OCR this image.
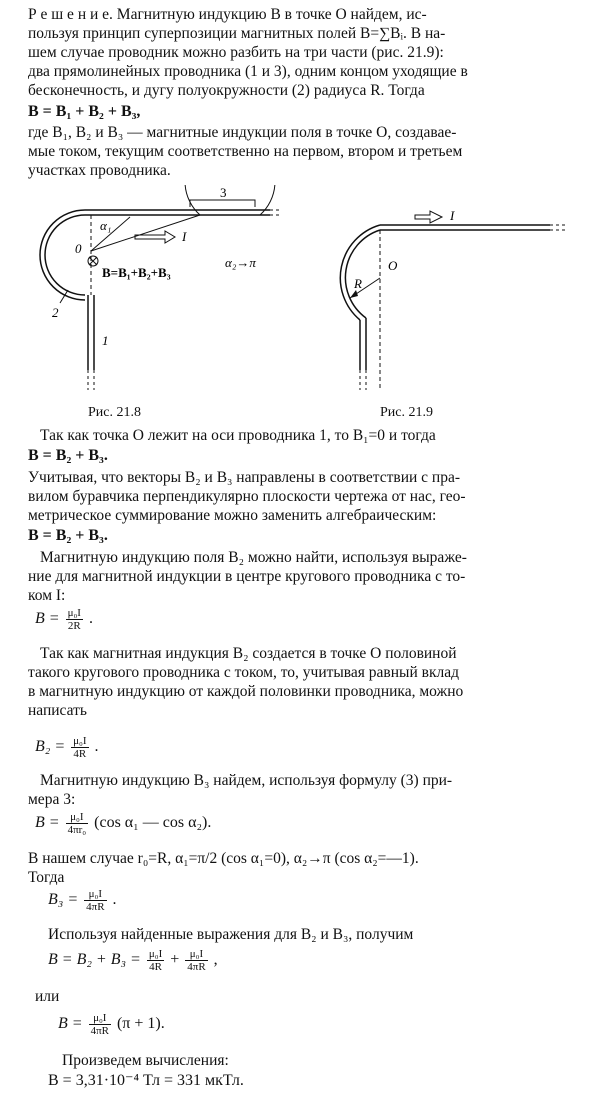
Р е ш е н и е. Магнитную индукцию B в точке O найдем, ис-
пользуя принцип суперпозиции магнитных полей B=∑Bᵢ. В на-
шем случае проводник можно разбить на три части (рис. 21.9):
два прямолинейных проводника (1 и 3), одним концом уходящие в
бесконечность, и дугу полуокружности (2) радиуса R. Тогда
B = B₁ + B₂ + B₃,
где B₁, B₂ и B₃ — магнитные индукции поля в точке O, создавае-
мые током, текущим соответственно на первом, втором и третьем
участках проводника.
3
α₁
0
I
α₂→π
B=B₁+B₂+B₃
2
1
Рис. 21.8
I
R
O
Рис. 21.9
Так как точка O лежит на оси проводника 1, то B₁=0 и тогда
B = B₂ + B₃.
Учитывая, что векторы B₂ и B₃ направлены в соответствии с пра-
вилом буравчика перпендикулярно плоскости чертежа от нас, гео-
метрическое суммирование можно заменить алгебраическим:
B = B₂ + B₃.
Магнитную индукцию поля B₂ можно найти, используя выраже-
ние для магнитной индукции в центре кругового проводника с то-
ком I:
$B = \frac{\text{μ₀I}}{2R}$ .
Так как магнитная индукция B₂ создается в точке O половиной
такого кругового проводника с током, то, учитывая равный вклад
в магнитную индукцию от каждой половинки проводника, можно
написать
$B_2 = \frac{\text{μ₀I}}{4R}$ .
Магнитную индукцию B₃ найдем, используя формулу (3) при-
мера 3:
$B = \frac{\text{μ₀I}}{\text{4πr₀}} (\cos$ α₁ — cos α₂).
В нашем случае r₀=R, α₁=π/2 (cos α₁=0), α₂→π (cos α₂=—1).
Тогда
$B_3 = \frac{\text{μ₀I}}{4\pi R}$ .
Используя найденные выражения для B₂ и B₃, получим
$B = B_2 + B_3 = \frac{\text{μ₀I}}{4R} + \frac{\text{μ₀I}}{4\pi R}$ ,
или
$B = \frac{\text{μ₀I}}{4\pi R} (\pi + 1)$.
Произведем вычисления:
B = 3,31·10⁻⁴ Тл = 331 мкТл.
